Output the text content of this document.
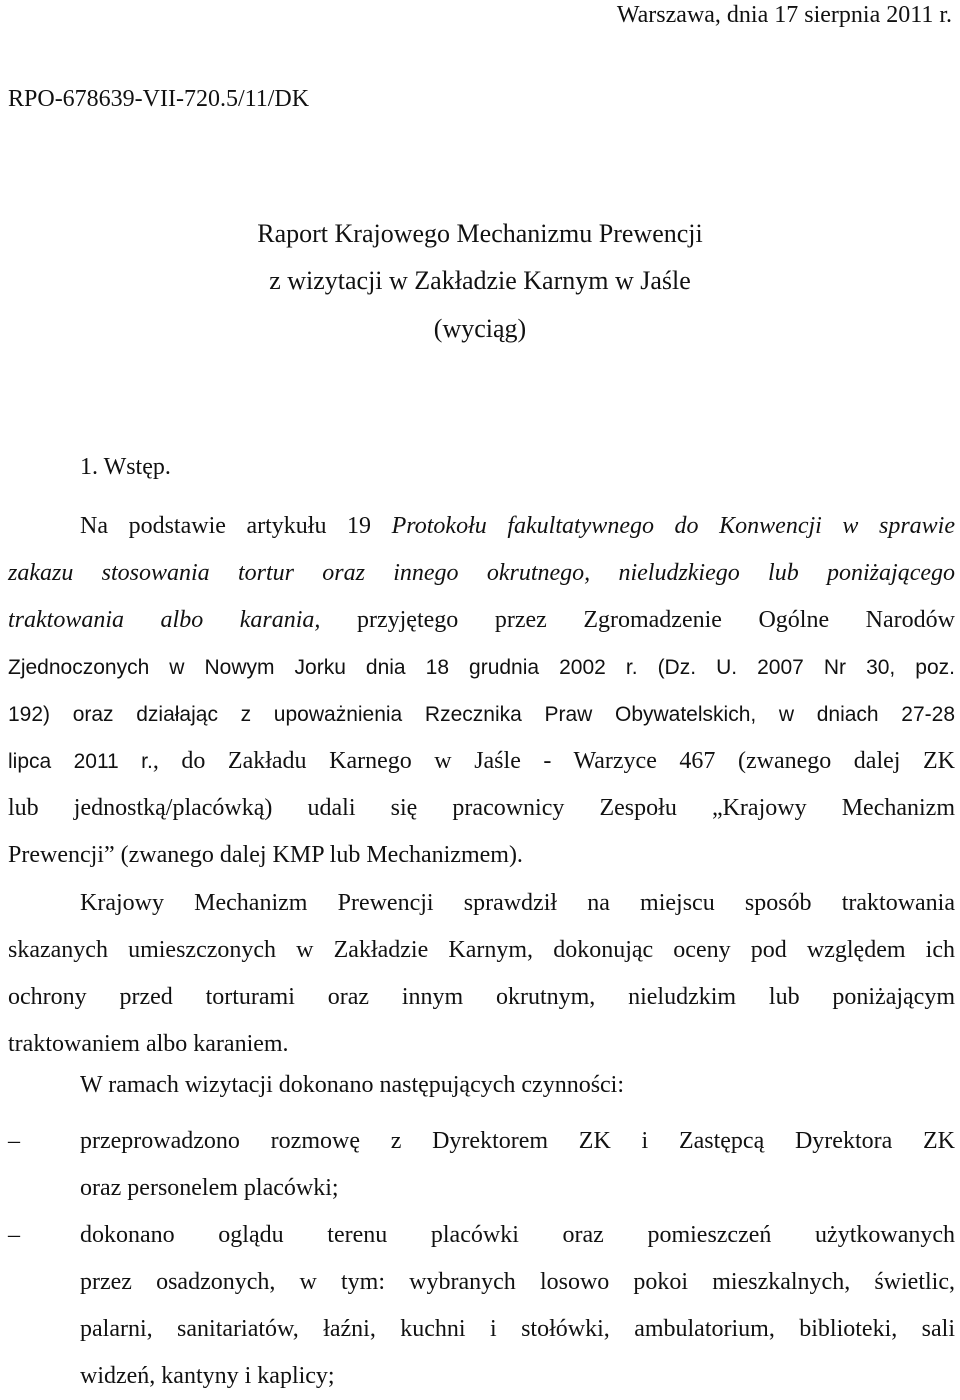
Warszawa, dnia 17 sierpnia 2011 r.
RPO-678639-VII-720.5/11/DK
Raport Krajowego Mechanizmu Prewencji
z wizytacji w Zakładzie Karnym w Jaśle
(wyciąg)
1. Wstęp.
Na podstawie artykułu 19 Protokołu fakultatywnego do Konwencji w sprawie
zakazu stosowania tortur oraz innego okrutnego, nieludzkiego lub poniżającego
traktowania albo karania, przyjętego przez Zgromadzenie Ogólne Narodów
Zjednoczonych w Nowym Jorku dnia 18 grudnia 2002 r. (Dz. U. 2007 Nr 30, poz.
192) oraz działając z upoważnienia Rzecznika Praw Obywatelskich, w dniach 27-28
lipca 2011 r., do Zakładu Karnego w Jaśle - Warzyce 467 (zwanego dalej ZK
lub jednostką/placówką) udali się pracownicy Zespołu „Krajowy Mechanizm
Prewencji” (zwanego dalej KMP lub Mechanizmem).
Krajowy Mechanizm Prewencji sprawdził na miejscu sposób traktowania
skazanych umieszczonych w Zakładzie Karnym, dokonując oceny pod względem ich
ochrony przed torturami oraz innym okrutnym, nieludzkim lub poniżającym
traktowaniem albo karaniem.
W ramach wizytacji dokonano następujących czynności:
–	przeprowadzono rozmowę z Dyrektorem ZK i Zastępcą Dyrektora ZK
oraz personelem placówki;
–	dokonano oglądu terenu placówki oraz pomieszczeń użytkowanych
przez osadzonych, w tym: wybranych losowo pokoi mieszkalnych, świetlic,
palarni, sanitariatów, łaźni, kuchni i stołówki, ambulatorium, biblioteki, sali
widzeń, kantyny i kaplicy;
